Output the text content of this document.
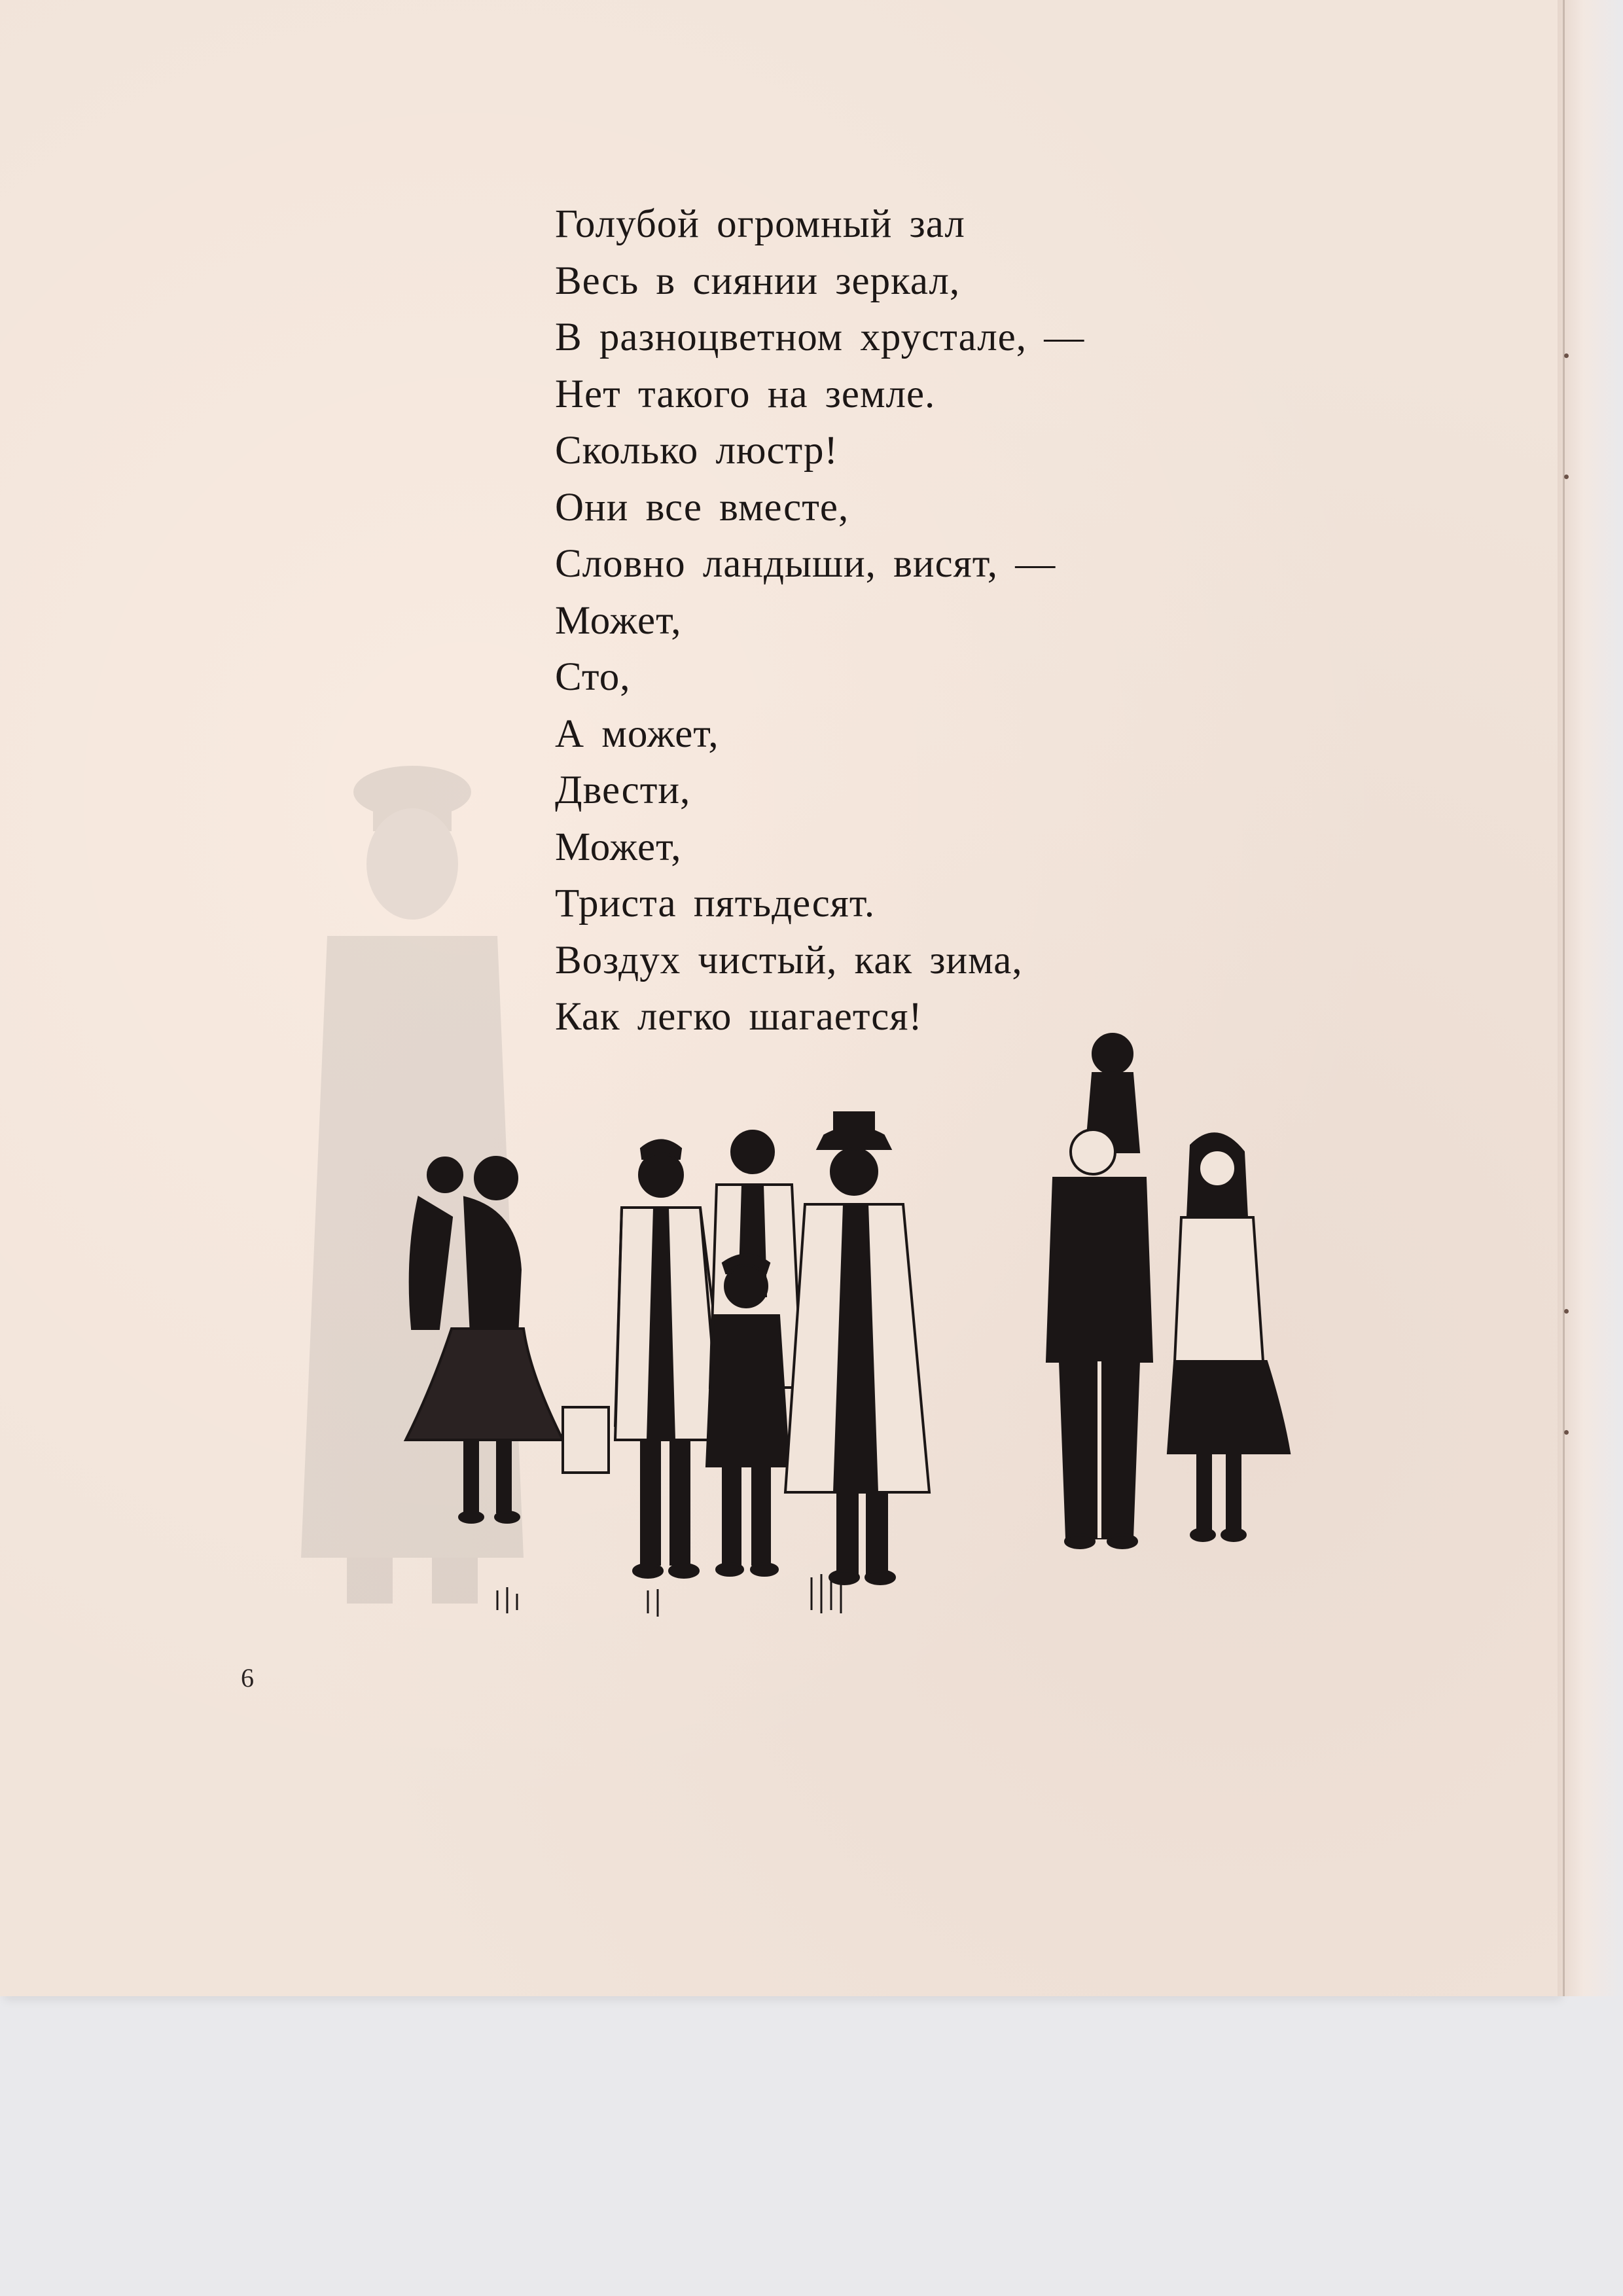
Голубой огромный зал
Весь в сиянии зеркал,
В разноцветном хрустале, —
Нет такого на земле.
Сколько люстр!
Они все вместе,
Словно ландыши, висят, —
Может,
Сто,
А может,
Двести,
Может,
Триста пятьдесят.
Воздух чистый, как зима,
Как легко шагается!
6
